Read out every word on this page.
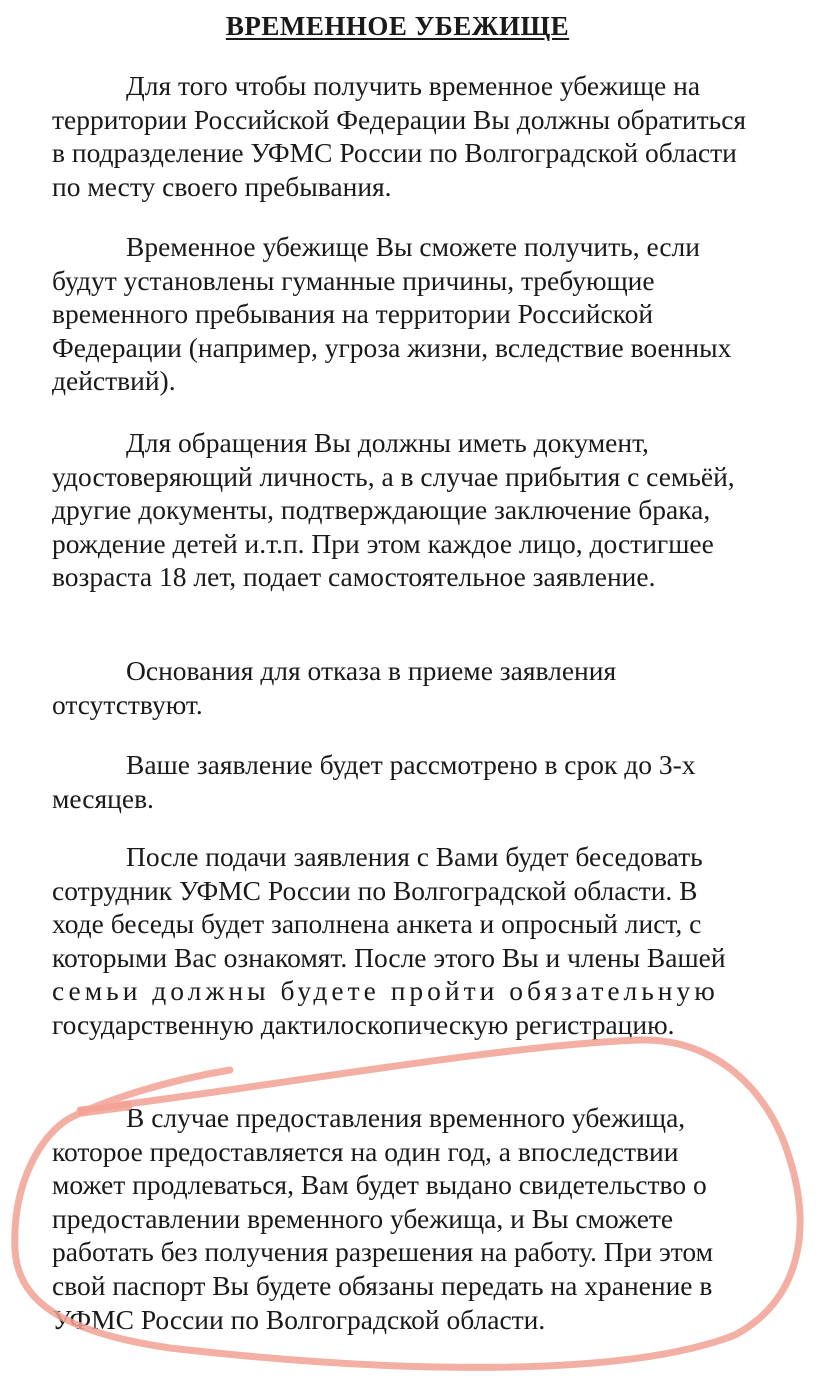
ВРЕМЕННОЕ УБЕЖИЩЕ

Для того чтобы получить временное убежище на территории Российской Федерации Вы должны обратиться в подразделение УФМС России по Волгоградской области по месту своего пребывания.

Временное убежище Вы сможете получить, если будут установлены гуманные причины, требующие временного пребывания на территории Российской Федерации (например, угроза жизни, вследствие военных действий).

Для обращения Вы должны иметь документ, удостоверяющий личность, а в случае прибытия с семьёй, другие документы, подтверждающие заключение брака, рождение детей и.т.п. При этом каждое лицо, достигшее возраста 18 лет, подает самостоятельное заявление.

Основания для отказа в приеме заявления отсутствуют.

Ваше заявление будет рассмотрено в срок до 3-х месяцев.

После подачи заявления с Вами будет беседовать сотрудник УФМС России по Волгоградской области. В ходе беседы будет заполнена анкета и опросный лист, с которыми Вас ознакомят. После этого Вы и члены Вашей семьи должны будете пройти обязательную государственную дактилоскопическую регистрацию.

В случае предоставления временного убежища, которое предоставляется на один год, а впоследствии может продлеваться, Вам будет выдано свидетельство о предоставлении временного убежища, и Вы сможете работать без получения разрешения на работу. При этом свой паспорт Вы будете обязаны передать на хранение в УФМС России по Волгоградской области.
